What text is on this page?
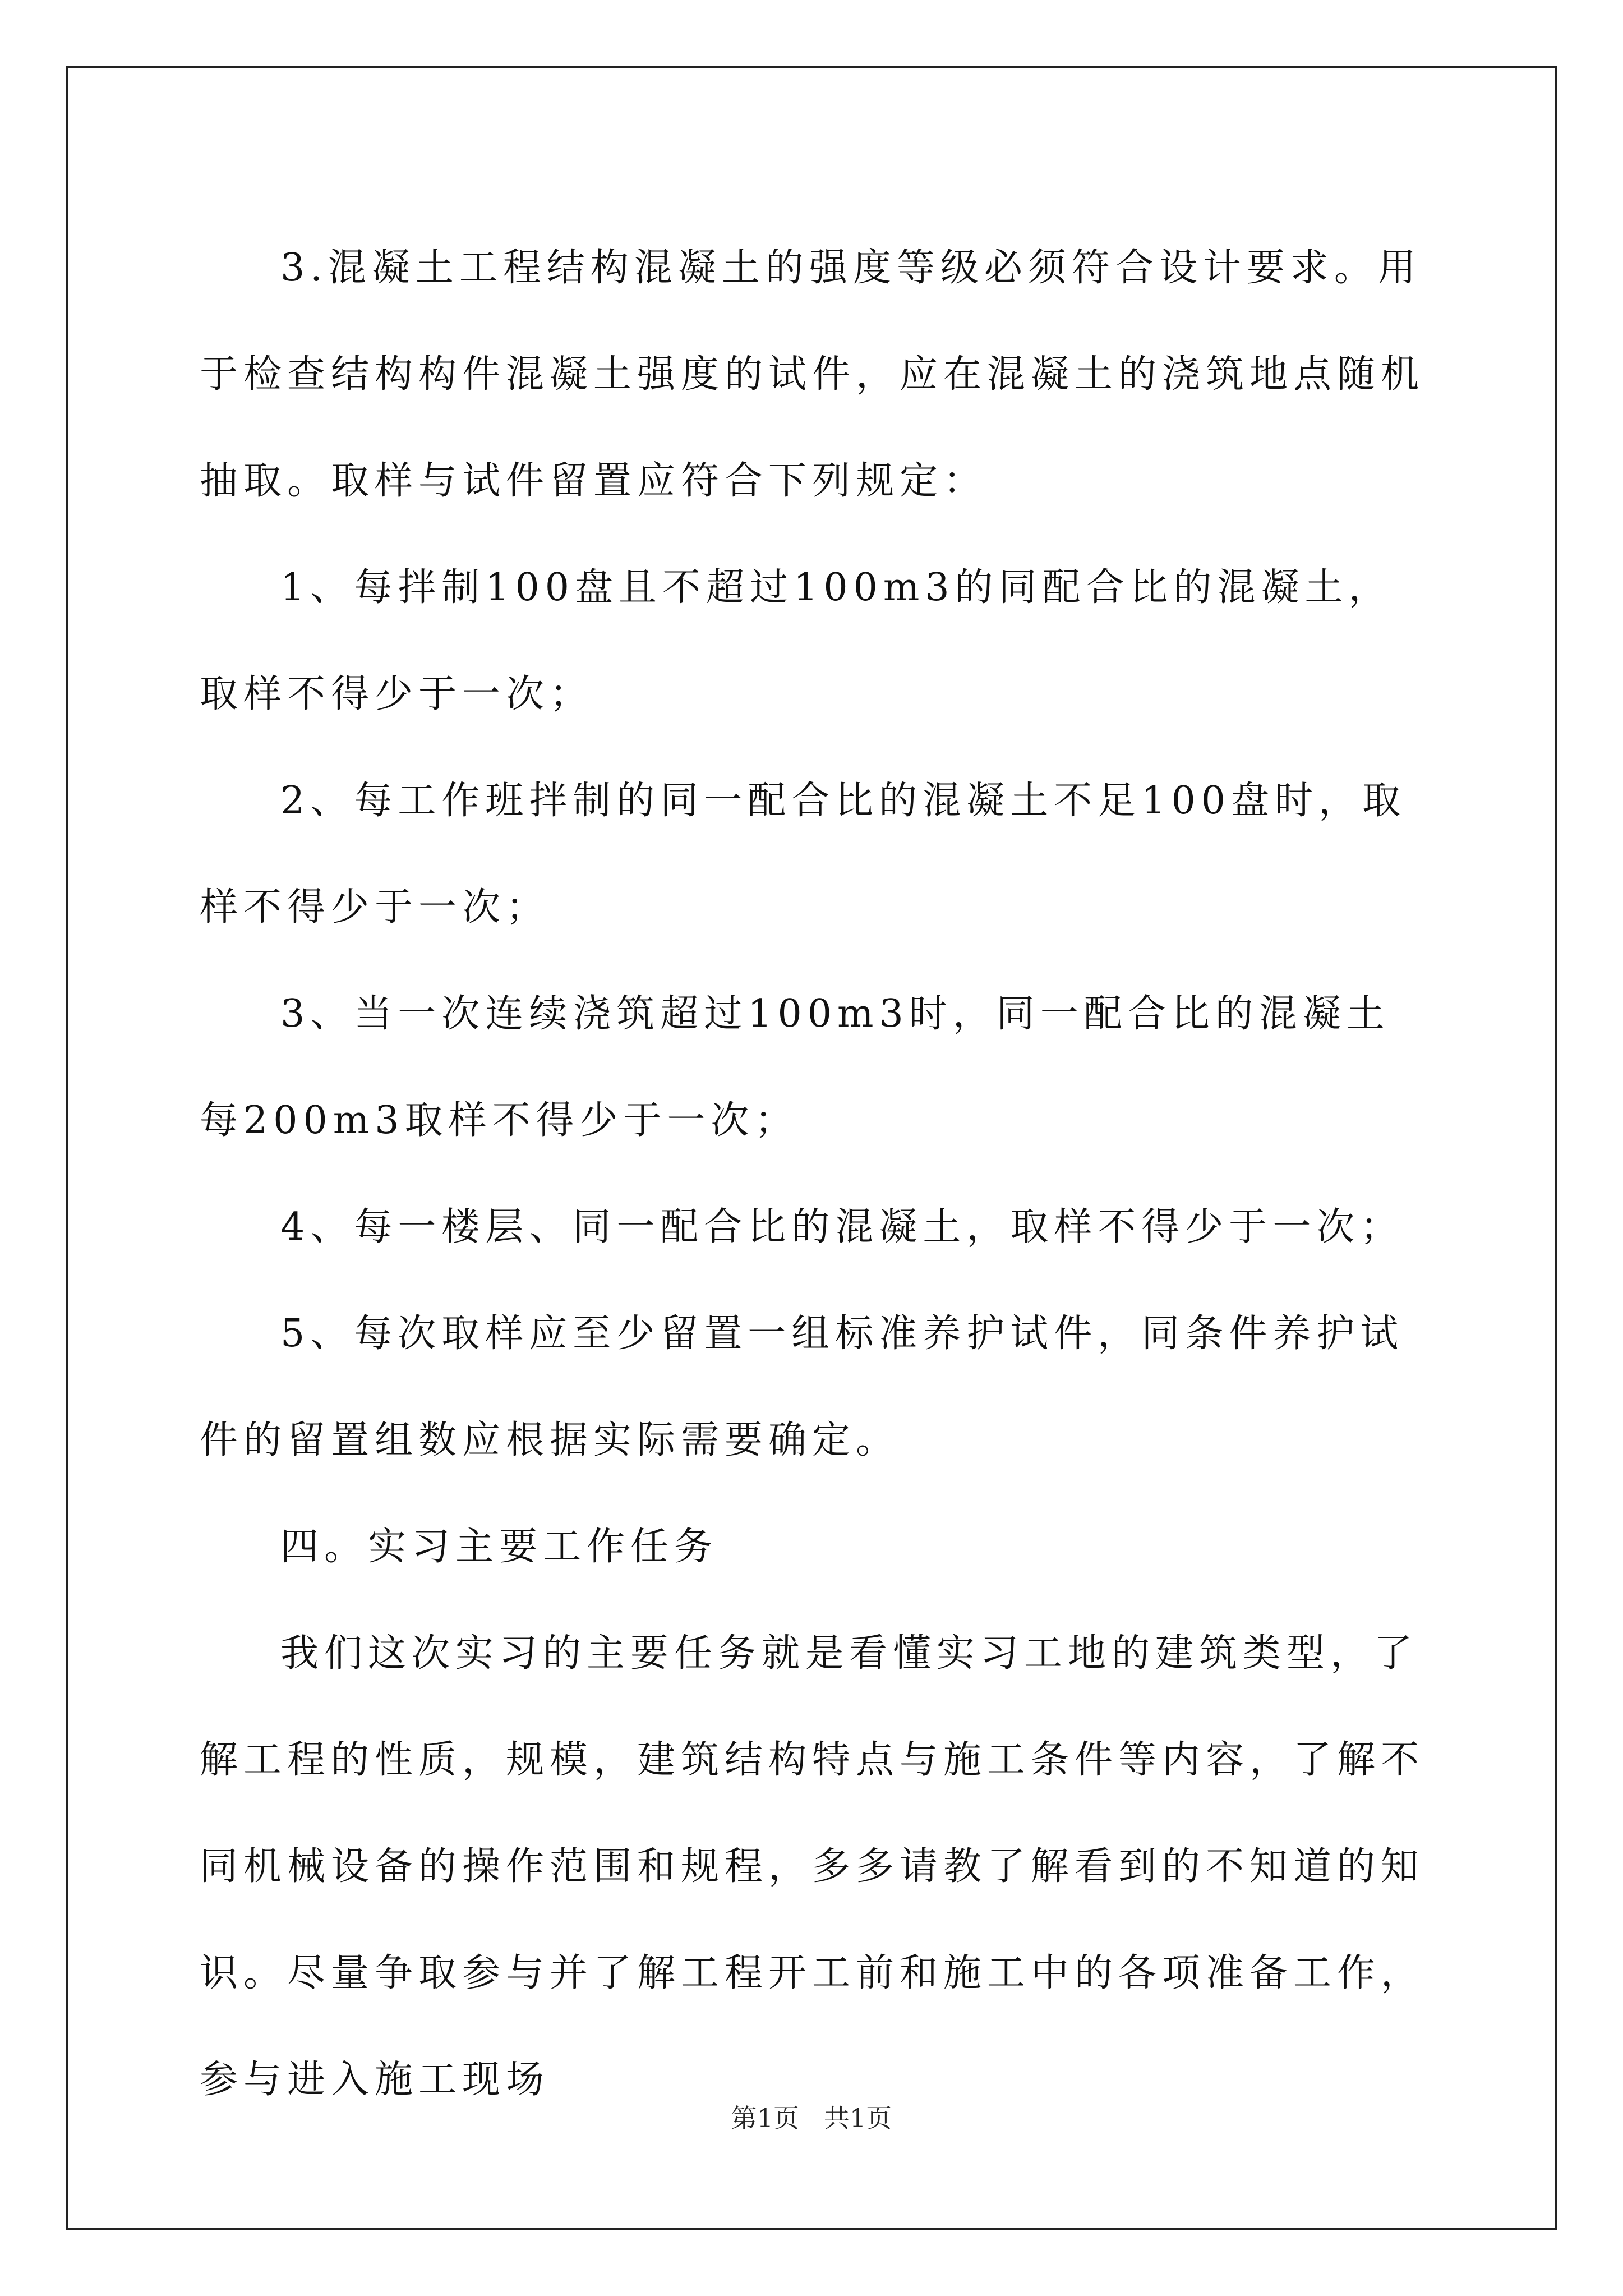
3.混凝土工程结构混凝土的强度等级必须符合设计要求。用于检查结构构件混凝土强度的试件，应在混凝土的浇筑地点随机抽取。取样与试件留置应符合下列规定：

1、每拌制100盘且不超过100m3的同配合比的混凝土，取样不得少于一次；

2、每工作班拌制的同一配合比的混凝土不足100盘时，取样不得少于一次；

3、当一次连续浇筑超过100m3时，同一配合比的混凝土每200m3取样不得少于一次；

4、每一楼层、同一配合比的混凝土，取样不得少于一次；

5、每次取样应至少留置一组标准养护试件，同条件养护试件的留置组数应根据实际需要确定。

四。实习主要工作任务

我们这次实习的主要任务就是看懂实习工地的建筑类型，了解工程的性质，规模，建筑结构特点与施工条件等内容，了解不同机械设备的操作范围和规程，多多请教了解看到的不知道的知识。尽量争取参与并了解工程开工前和施工中的各项准备工作，参与进入施工现场

第1页 共1页
